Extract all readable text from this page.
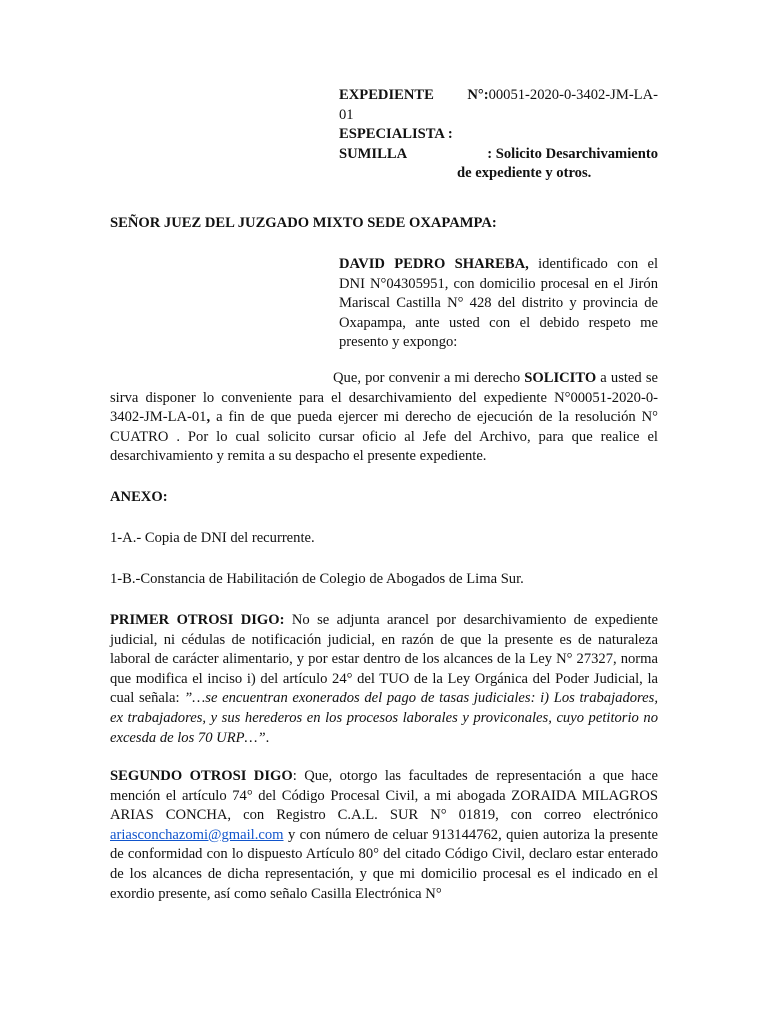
EXPEDIENTE N°:00051-2020-0-3402-JM-LA-
01
ESPECIALISTA :
SUMILLA	: Solicito Desarchivamiento
de expediente y otros.
SEÑOR JUEZ DEL JUZGADO MIXTO SEDE OXAPAMPA:
DAVID PEDRO SHAREBA, identificado con el DNI N°04305951, con domicilio procesal en el Jirón Mariscal Castilla N° 428 del distrito y provincia de Oxapampa, ante usted con el debido respeto me presento y expongo:
Que, por convenir a mi derecho SOLICITO a usted se sirva disponer lo conveniente para el desarchivamiento del expediente N°00051-2020-0-3402-JM-LA-01, a fin de que pueda ejercer mi derecho de ejecución de la resolución N° CUATRO . Por lo cual solicito cursar oficio al Jefe del Archivo, para que realice el desarchivamiento y remita a su despacho el presente expediente.
ANEXO:
1-A.- Copia de DNI del recurrente.
1-B.-Constancia de Habilitación de Colegio de Abogados de Lima Sur.
PRIMER OTROSI DIGO: No se adjunta arancel por desarchivamiento de expediente judicial, ni cédulas de notificación judicial, en razón de que la presente es de naturaleza laboral de carácter alimentario, y por estar dentro de los alcances de la Ley N° 27327, norma que modifica el inciso i) del artículo 24° del TUO de la Ley Orgánica del Poder Judicial, la cual señala: ”…se encuentran exonerados del pago de tasas judiciales: i) Los trabajadores, ex trabajadores, y sus herederos en los procesos laborales y proviconales, cuyo petitorio no excesda de los 70 URP…”.
SEGUNDO OTROSI DIGO: Que, otorgo las facultades de representación a que hace mención el artículo 74° del Código Procesal Civil, a mi abogada ZORAIDA MILAGROS ARIAS CONCHA, con Registro C.A.L. SUR N° 01819, con correo electrónico ariasconchazomi@gmail.com y con número de celuar 913144762, quien autoriza la presente de conformidad con lo dispuesto Artículo 80° del citado Código Civil, declaro estar enterado de los alcances de dicha representación, y que mi domicilio procesal es el indicado en el exordio presente, así como señalo Casilla Electrónica N°
